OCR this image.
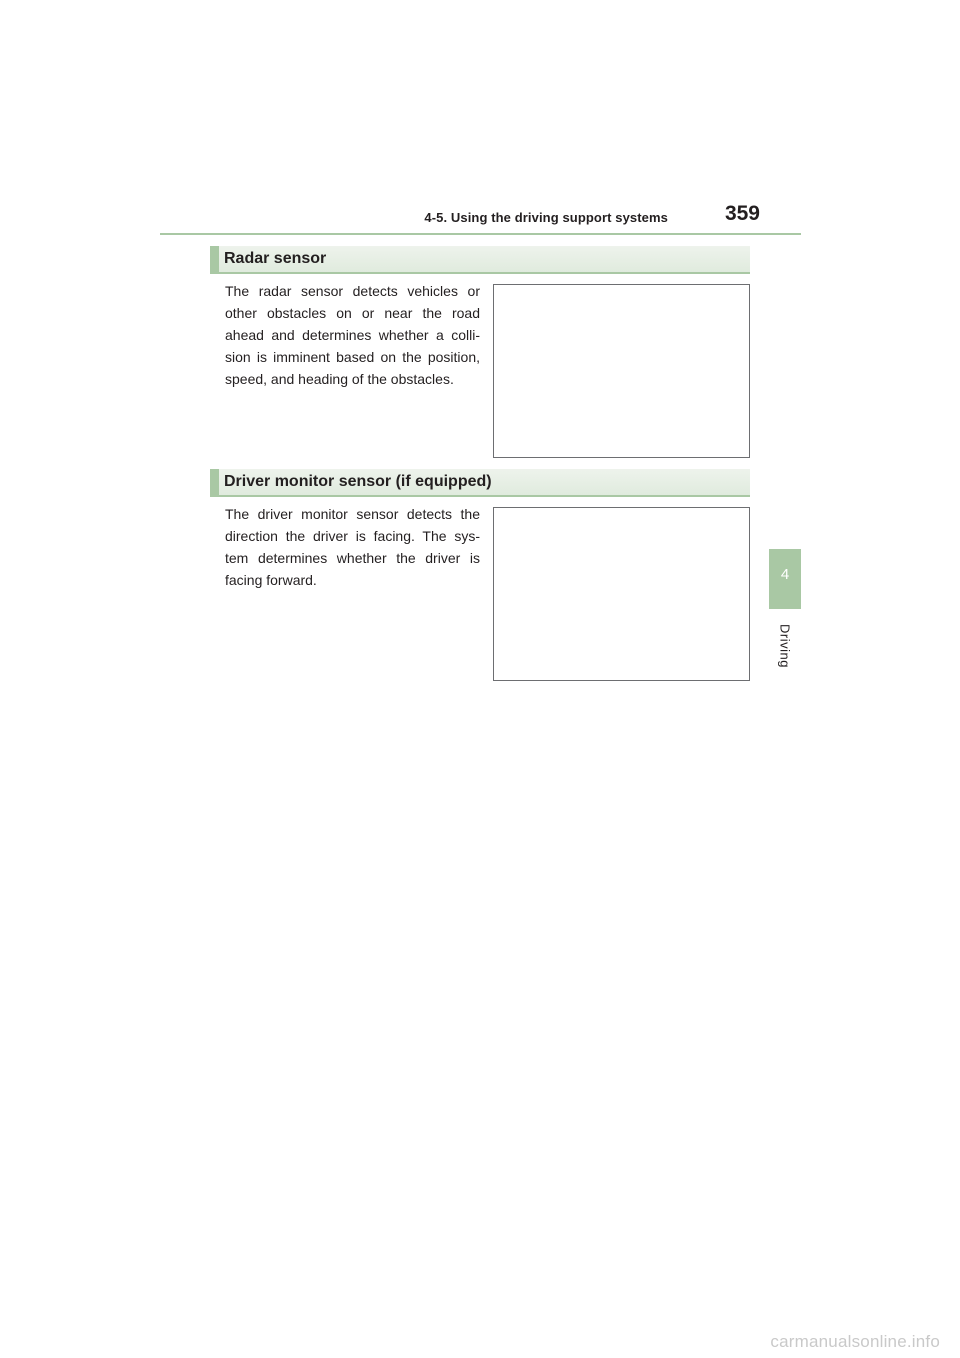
4-5. Using the driving support systems	359
4
Driving
Radar sensor

The radar sensor detects vehicles or other obstacles on or near the road ahead and determines whether a colli- sion is imminent based on the position, speed, and heading of the obstacles.

Driver monitor sensor (if equipped)

The driver monitor sensor detects the direction the driver is facing. The sys- tem determines whether the driver is facing forward.

carmanualsonline.info
